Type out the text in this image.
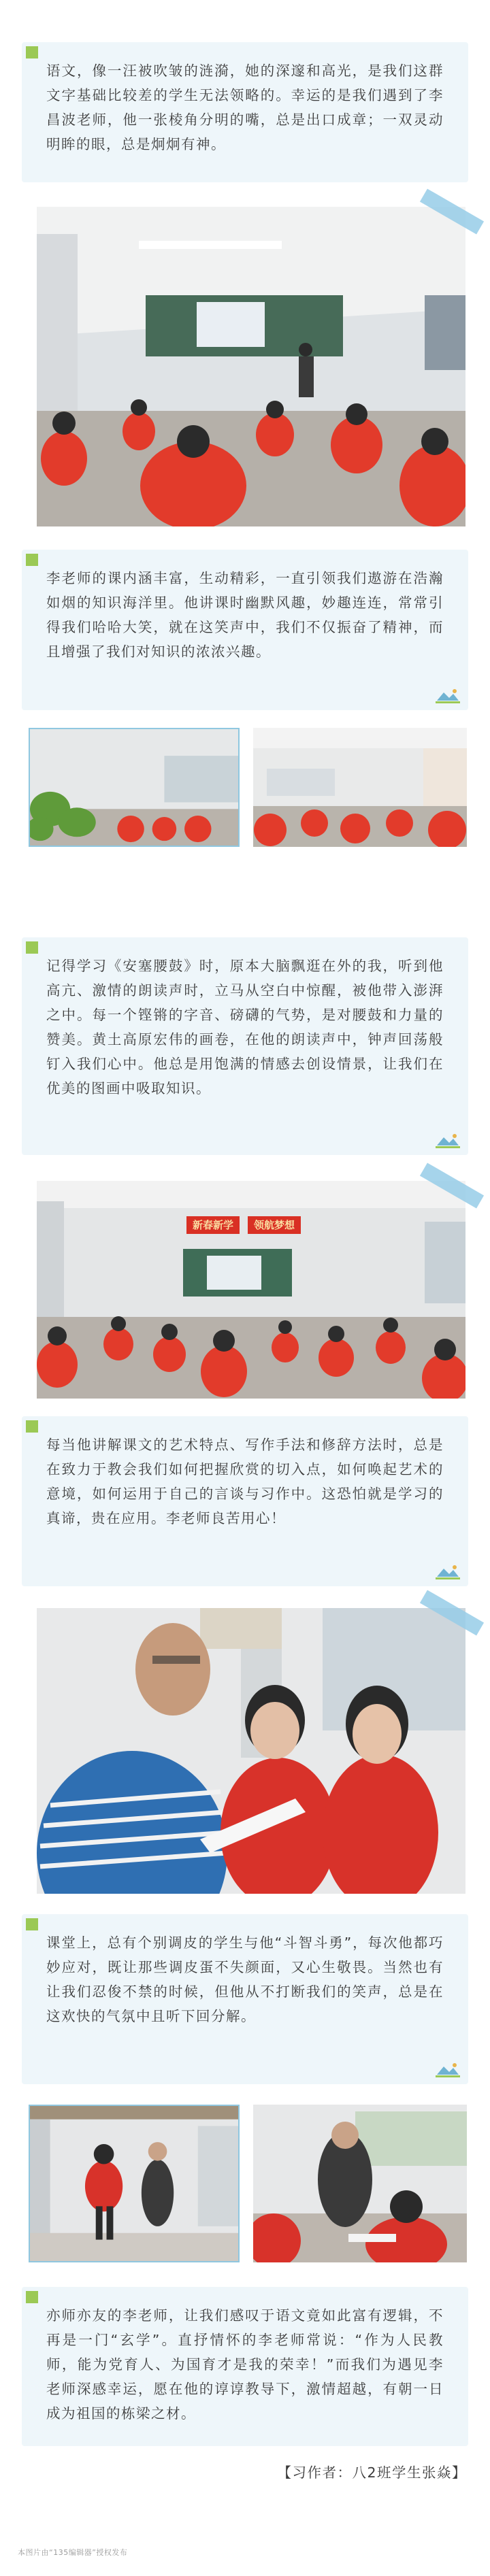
语文，像一汪被吹皱的涟漪，她的深邃和高光，是我们这群文字基础比较差的学生无法领略的。幸运的是我们遇到了李昌波老师，他一张棱角分明的嘴，总是出口成章；一双灵动明眸的眼，总是炯炯有神。

李老师的课内涵丰富，生动精彩，一直引领我们遨游在浩瀚如烟的知识海洋里。他讲课时幽默风趣，妙趣连连，常常引得我们哈哈大笑，就在这笑声中，我们不仅振奋了精神，而且增强了我们对知识的浓浓兴趣。

记得学习《安塞腰鼓》时，原本大脑飘逛在外的我，听到他高亢、激情的朗读声时，立马从空白中惊醒，被他带入澎湃之中。每一个铿锵的字音、磅礴的气势，是对腰鼓和力量的赞美。黄土高原宏伟的画卷，在他的朗读声中，钟声回荡般钉入我们心中。他总是用饱满的情感去创设情景，让我们在优美的图画中吸取知识。

新春新学	领航梦想

每当他讲解课文的艺术特点、写作手法和修辞方法时，总是在致力于教会我们如何把握欣赏的切入点，如何唤起艺术的意境，如何运用于自己的言谈与习作中。这恐怕就是学习的真谛，贵在应用。李老师良苦用心！

课堂上，总有个别调皮的学生与他“斗智斗勇”，每次他都巧妙应对，既让那些调皮蛋不失颜面，又心生敬畏。当然也有让我们忍俊不禁的时候，但他从不打断我们的笑声，总是在这欢快的气氛中且听下回分解。

亦师亦友的李老师，让我们感叹于语文竟如此富有逻辑，不再是一门“玄学”。直抒情怀的李老师常说：“作为人民教师，能为党育人、为国育才是我的荣幸！”而我们为遇见李老师深感幸运，愿在他的谆谆教导下，激情超越，有朝一日成为祖国的栋梁之材。

【习作者：八2班学生张焱】
本图片由“135编辑器”授权发布
